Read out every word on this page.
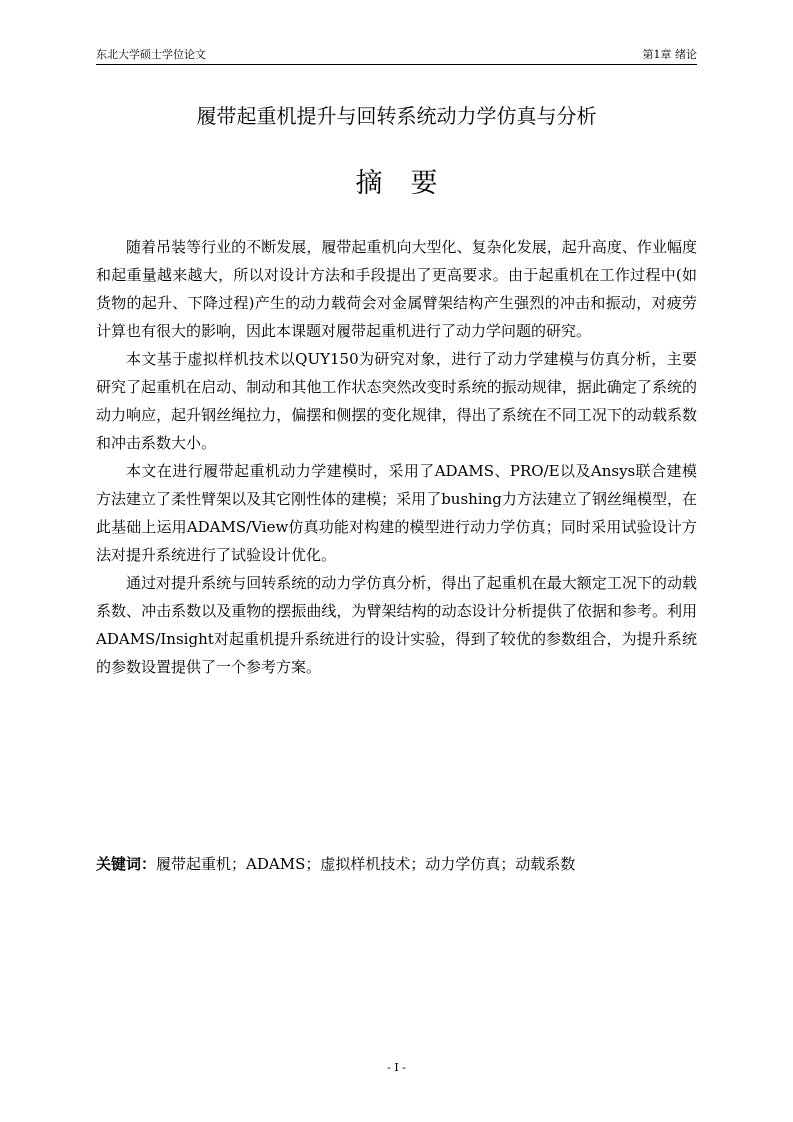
东北大学硕士学位论文	第1章 绪论
履带起重机提升与回转系统动力学仿真与分析
摘要

随着吊装等行业的不断发展，履带起重机向大型化、复杂化发展，起升高度、作业幅度和起重量越来越大，所以对设计方法和手段提出了更高要求。由于起重机在工作过程中(如货物的起升、下降过程)产生的动力载荷会对金属臂架结构产生强烈的冲击和振动，对疲劳计算也有很大的影响，因此本课题对履带起重机进行了动力学问题的研究。

本文基于虚拟样机技术以QUY150为研究对象，进行了动力学建模与仿真分析，主要研究了起重机在启动、制动和其他工作状态突然改变时系统的振动规律，据此确定了系统的动力响应，起升钢丝绳拉力，偏摆和侧摆的变化规律，得出了系统在不同工况下的动载系数和冲击系数大小。

本文在进行履带起重机动力学建模时，采用了ADAMS、PRO/E以及Ansys联合建模方法建立了柔性臂架以及其它刚性体的建模；采用了bushing力方法建立了钢丝绳模型，在此基础上运用ADAMS/View仿真功能对构建的模型进行动力学仿真；同时采用试验设计方法对提升系统进行了试验设计优化。

通过对提升系统与回转系统的动力学仿真分析，得出了起重机在最大额定工况下的动载系数、冲击系数以及重物的摆振曲线，为臂架结构的动态设计分析提供了依据和参考。利用ADAMS/Insight对起重机提升系统进行的设计实验，得到了较优的参数组合，为提升系统的参数设置提供了一个参考方案。

关键词：履带起重机；ADAMS；虚拟样机技术；动力学仿真；动载系数
- I -
